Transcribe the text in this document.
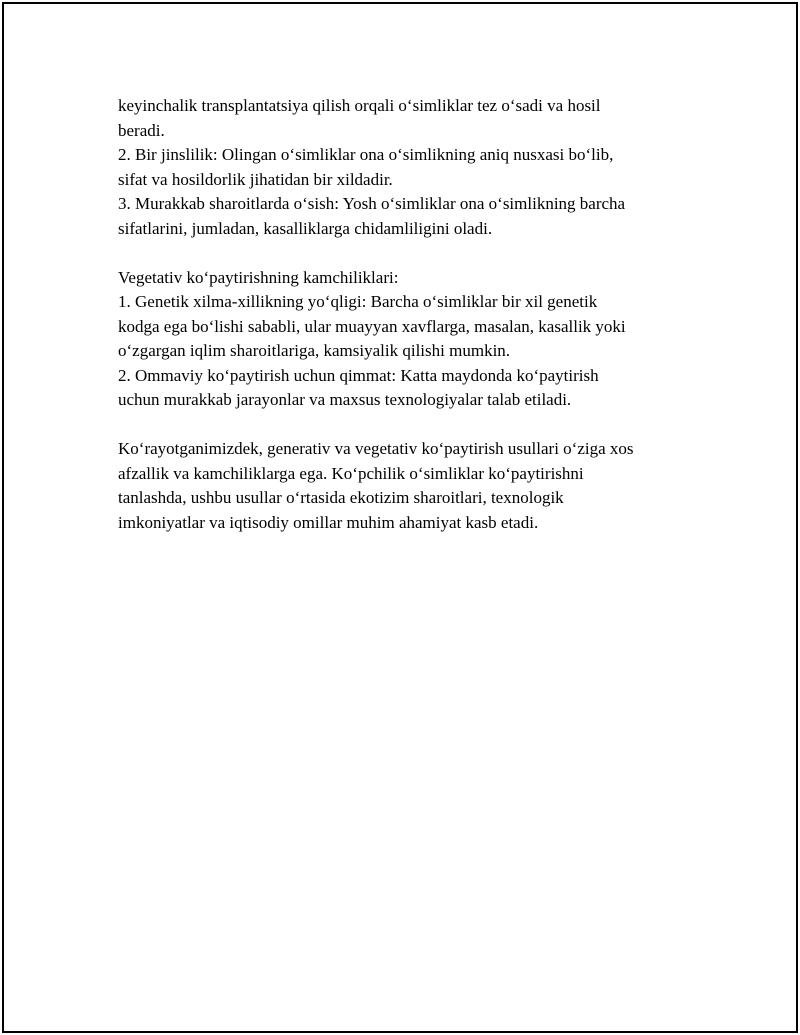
keyinchalik transplantatsiya qilish orqali o‘simliklar tez o‘sadi va hosil
beradi.
2. Bir jinslilik: Olingan o‘simliklar ona o‘simlikning aniq nusxasi bo‘lib,
sifat va hosildorlik jihatidan bir xildadir.
3. Murakkab sharoitlarda o‘sish: Yosh o‘simliklar ona o‘simlikning barcha
sifatlarini, jumladan, kasalliklarga chidamliligini oladi.
Vegetativ ko‘paytirishning kamchiliklari:
1. Genetik xilma-xillikning yo‘qligi: Barcha o‘simliklar bir xil genetik
kodga ega bo‘lishi sababli, ular muayyan xavflarga, masalan, kasallik yoki
o‘zgargan iqlim sharoitlariga, kamsiyalik qilishi mumkin.
2. Ommaviy ko‘paytirish uchun qimmat: Katta maydonda ko‘paytirish
uchun murakkab jarayonlar va maxsus texnologiyalar talab etiladi.
Ko‘rayotganimizdek, generativ va vegetativ ko‘paytirish usullari o‘ziga xos
afzallik va kamchiliklarga ega. Ko‘pchilik o‘simliklar ko‘paytirishni
tanlashda, ushbu usullar o‘rtasida ekotizim sharoitlari, texnologik
imkoniyatlar va iqtisodiy omillar muhim ahamiyat kasb etadi.
